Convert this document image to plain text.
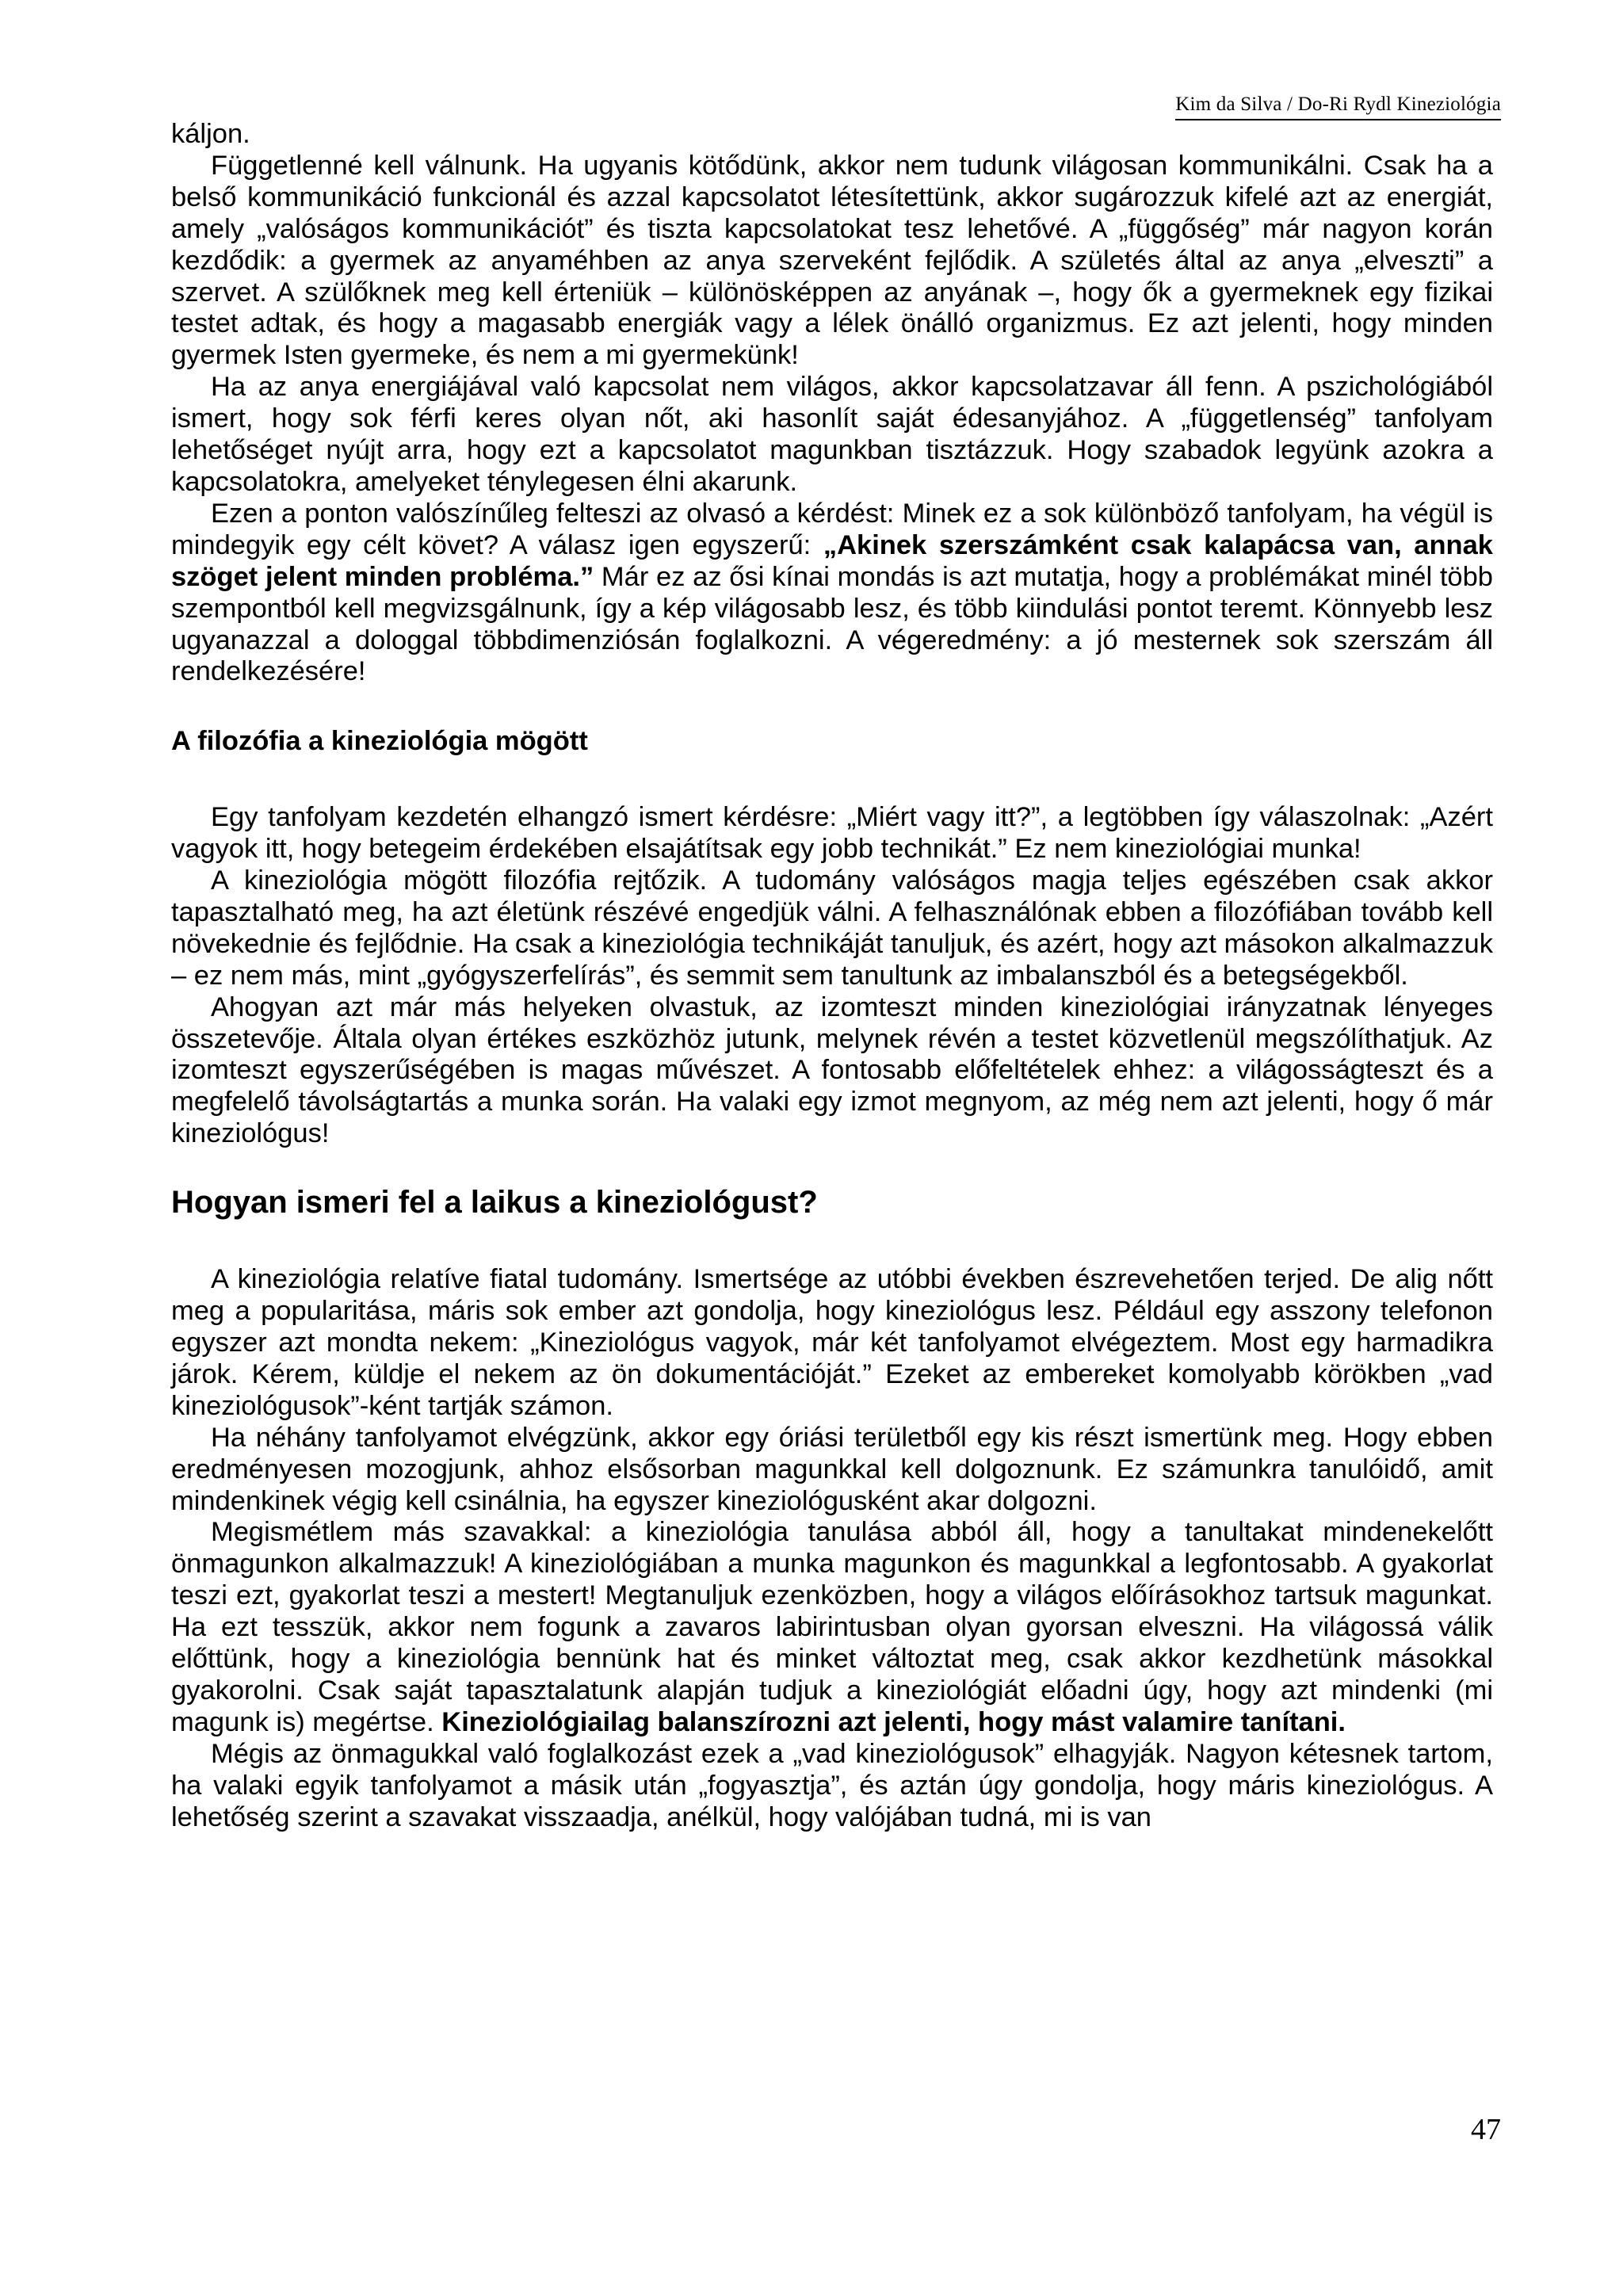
Kim da Silva / Do-Ri Rydl Kineziológia

káljon.

Függetlenné kell válnunk. Ha ugyanis kötődünk, akkor nem tudunk világosan kommunikálni. Csak ha a belső kommunikáció funkcionál és azzal kapcsolatot létesítettünk, akkor sugározzuk kifelé azt az energiát, amely „valóságos kommunikációt” és tiszta kapcsolatokat tesz lehetővé. A „függőség” már nagyon korán kezdődik: a gyermek az anyaméhben az anya szerveként fejlődik. A születés által az anya „elveszti” a szervet. A szülőknek meg kell érteniük – különösképpen az anyának –, hogy ők a gyermeknek egy fizikai testet adtak, és hogy a magasabb energiák vagy a lélek önálló organizmus. Ez azt jelenti, hogy minden gyermek Isten gyermeke, és nem a mi gyermekünk!

Ha az anya energiájával való kapcsolat nem világos, akkor kapcsolatzavar áll fenn. A pszichológiából ismert, hogy sok férfi keres olyan nőt, aki hasonlít saját édesanyjához. A „függetlenség” tanfolyam lehetőséget nyújt arra, hogy ezt a kapcsolatot magunkban tisztázzuk. Hogy szabadok legyünk azokra a kapcsolatokra, amelyeket ténylegesen élni akarunk.

Ezen a ponton valószínűleg felteszi az olvasó a kérdést: Minek ez a sok különböző tanfolyam, ha végül is mindegyik egy célt követ? A válasz igen egyszerű: „Akinek szerszámként csak kalapácsa van, annak szöget jelent minden probléma.” Már ez az ősi kínai mondás is azt mutatja, hogy a problémákat minél több szempontból kell megvizsgálnunk, így a kép világosabb lesz, és több kiindulási pontot teremt. Könnyebb lesz ugyanazzal a dologgal többdimenziósán foglalkozni. A végeredmény: a jó mesternek sok szerszám áll rendelkezésére!

A filozófia a kineziológia mögött

Egy tanfolyam kezdetén elhangzó ismert kérdésre: „Miért vagy itt?”, a legtöbben így válaszolnak: „Azért vagyok itt, hogy betegeim érdekében elsajátítsak egy jobb technikát.” Ez nem kineziológiai munka!

A kineziológia mögött filozófia rejtőzik. A tudomány valóságos magja teljes egészében csak akkor tapasztalható meg, ha azt életünk részévé engedjük válni. A felhasználónak ebben a filozófiában tovább kell növekednie és fejlődnie. Ha csak a kineziológia technikáját tanuljuk, és azért, hogy azt másokon alkalmazzuk – ez nem más, mint „gyógyszerfelírás”, és semmit sem tanultunk az imbalanszból és a betegségekből.

Ahogyan azt már más helyeken olvastuk, az izomteszt minden kineziológiai irányzatnak lényeges összetevője. Általa olyan értékes eszközhöz jutunk, melynek révén a testet közvetlenül megszólíthatjuk. Az izomteszt egyszerűségében is magas művészet. A fontosabb előfeltételek ehhez: a világosságteszt és a megfelelő távolságtartás a munka során. Ha valaki egy izmot megnyom, az még nem azt jelenti, hogy ő már kineziológus!

Hogyan ismeri fel a laikus a kineziológust?

A kineziológia relatíve fiatal tudomány. Ismertsége az utóbbi években észrevehetően terjed. De alig nőtt meg a popularitása, máris sok ember azt gondolja, hogy kineziológus lesz. Például egy asszony telefonon egyszer azt mondta nekem: „Kineziológus vagyok, már két tanfolyamot elvégeztem. Most egy harmadikra járok. Kérem, küldje el nekem az ön dokumentációját.” Ezeket az embereket komolyabb körökben „vad kineziológusok”-ként tartják számon.

Ha néhány tanfolyamot elvégzünk, akkor egy óriási területből egy kis részt ismertünk meg. Hogy ebben eredményesen mozogjunk, ahhoz elsősorban magunkkal kell dolgoznunk. Ez számunkra tanulóidő, amit mindenkinek végig kell csinálnia, ha egyszer kineziológusként akar dolgozni.

Megismétlem más szavakkal: a kineziológia tanulása abból áll, hogy a tanultakat mindenekelőtt önmagunkon alkalmazzuk! A kineziológiában a munka magunkon és magunkkal a legfontosabb. A gyakorlat teszi ezt, gyakorlat teszi a mestert! Megtanuljuk ezenközben, hogy a világos előírásokhoz tartsuk magunkat. Ha ezt tesszük, akkor nem fogunk a zavaros labirintusban olyan gyorsan elveszni. Ha világossá válik előttünk, hogy a kineziológia bennünk hat és minket változtat meg, csak akkor kezdhetünk másokkal gyakorolni. Csak saját tapasztalatunk alapján tudjuk a kineziológiát előadni úgy, hogy azt mindenki (mi magunk is) megértse. Kineziológiailag balanszírozni azt jelenti, hogy mást valamire tanítani.

Mégis az önmagukkal való foglalkozást ezek a „vad kineziológusok” elhagyják. Nagyon kétesnek tartom, ha valaki egyik tanfolyamot a másik után „fogyasztja”, és aztán úgy gondolja, hogy máris kineziológus. A lehetőség szerint a szavakat visszaadja, anélkül, hogy valójában tudná, mi is van

47
